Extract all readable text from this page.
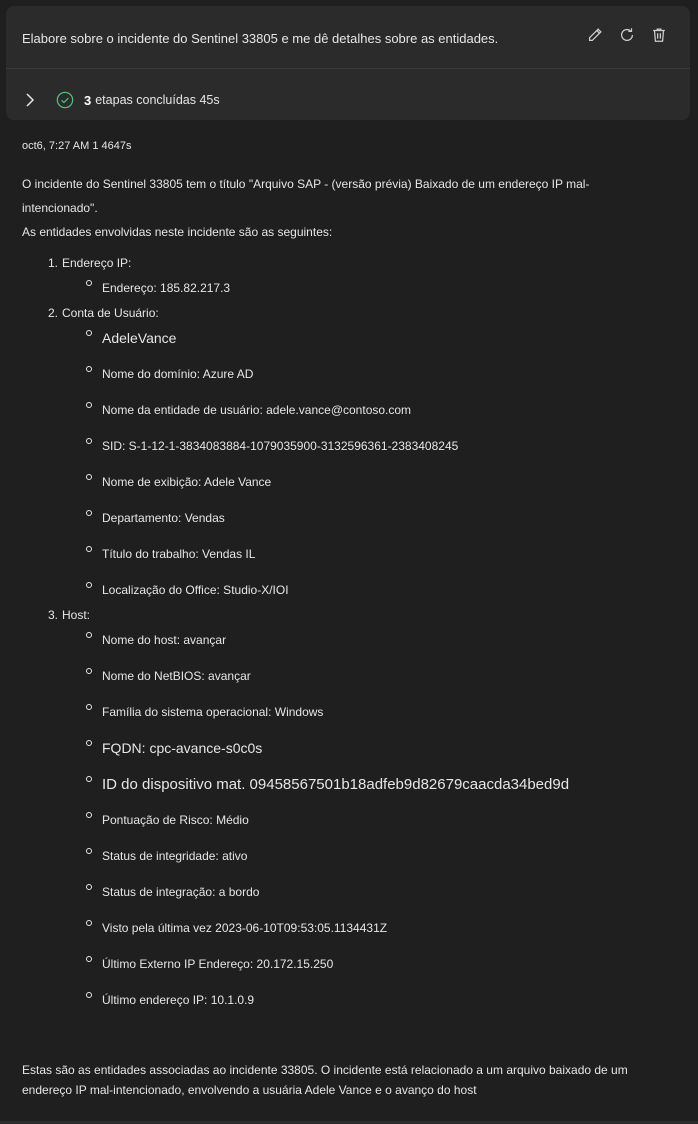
Elabore sobre o incidente do Sentinel 33805 e me dê detalhes sobre as entidades.
3 etapas concluídas 45s
oct6, 7:27 AM 1 4647s
O incidente do Sentinel 33805 tem o título "Arquivo SAP - (versão prévia) Baixado de um endereço IP mal-intencionado".
As entidades envolvidas neste incidente são as seguintes:
1. Endereço IP:
Endereço: 185.82.217.3
2. Conta de Usuário:
AdeleVance
Nome do domínio: Azure AD
Nome da entidade de usuário: adele.vance@contoso.com
SID: S-1-12-1-3834083884-1079035900-3132596361-2383408245
Nome de exibição: Adele Vance
Departamento: Vendas
Título do trabalho: Vendas IL
Localização do Office: Studio-X/IOI
3. Host:
Nome do host: avançar
Nome do NetBIOS: avançar
Família do sistema operacional: Windows
FQDN: cpc-avance-s0c0s
ID do dispositivo mat. 09458567501b18adfeb9d82679caacda34bed9d
Pontuação de Risco: Médio
Status de integridade: ativo
Status de integração: a bordo
Visto pela última vez 2023-06-10T09:53:05.1134431Z
Último Externo IP Endereço: 20.172.15.250
Último endereço IP: 10.1.0.9
Estas são as entidades associadas ao incidente 33805. O incidente está relacionado a um arquivo baixado de um endereço IP mal-intencionado, envolvendo a usuária Adele Vance e o avanço do host
